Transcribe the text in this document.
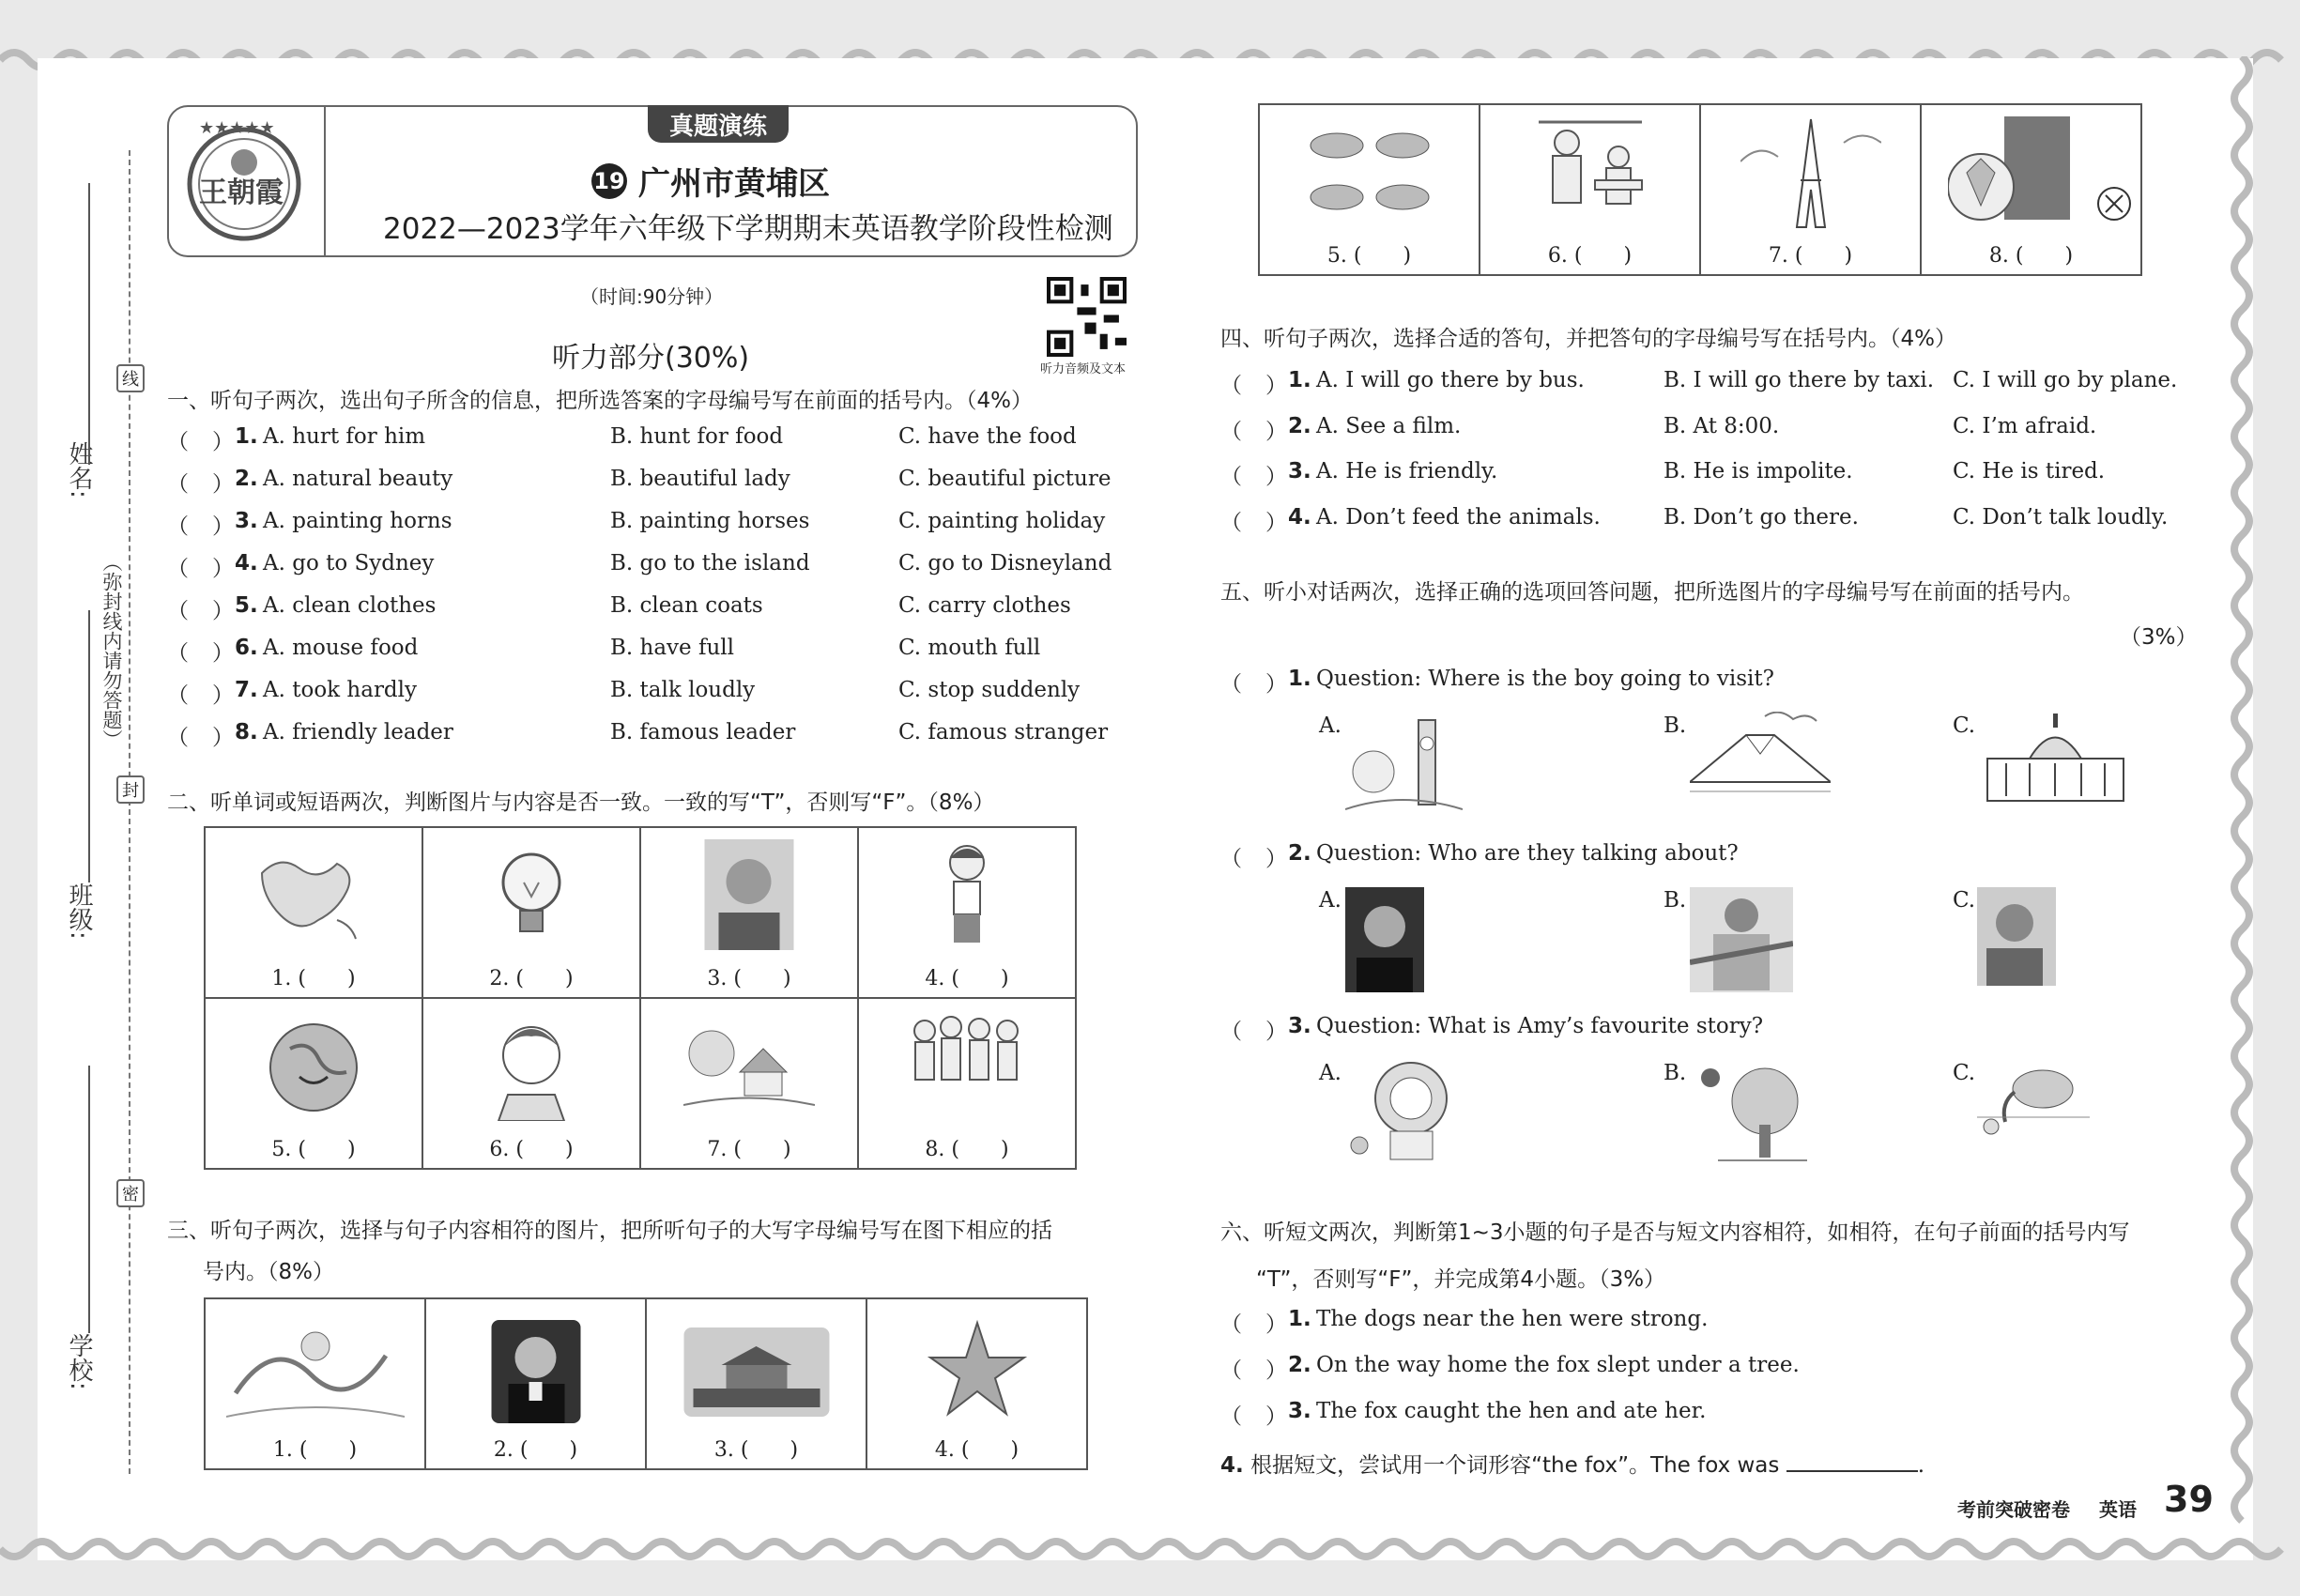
姓名:
班级:
学校:
（弥封线内请勿答题）
线
封
密
★★★★★
王朝霞
真题演练
19 广州市黄埔区
2022—2023学年六年级下学期期末英语教学阶段性检测
（时间:90分钟）
听力音频及文本
听力部分(30%)
一、听句子两次，选出句子所含的信息，把所选答案的字母编号写在前面的括号内。（4%）
（ ） 1. A. hurt for him	B. hunt for food	C. have the food
（ ） 2. A. natural beauty	B. beautiful lady	C. beautiful picture
（ ） 3. A. painting horns	B. painting horses	C. painting holiday
（ ） 4. A. go to Sydney	B. go to the island	C. go to Disneyland
（ ） 5. A. clean clothes	B. clean coats	C. carry clothes
（ ） 6. A. mouse food	B. have full	C. mouth full
（ ） 7. A. took hardly	B. talk loudly	C. stop suddenly
（ ） 8. A. friendly leader	B. famous leader	C. famous stranger
二、听单词或短语两次，判断图片与内容是否一致。一致的写“T”，否则写“F”。（8%）
1. (　　)	2. (　　)	3. (　　)	4. (　　)

5. (　　)	6. (　　)	7. (　　)	8. (　　)
三、听句子两次，选择与句子内容相符的图片，把所听句子的大写字母编号写在图下相应的括
号内。（8%）
1. (　　)	2. (　　)	3. (　　)	4. (　　)
5. (　　)	6. (　　)	7. (　　)	8. (　　)
四、听句子两次，选择合适的答句，并把答句的字母编号写在括号内。（4%）
（ ） 1. A. I will go there by bus.	B. I will go there by taxi. C. I will go by plane.
（ ） 2. A. See a film.	B. At 8:00.	C. I’m afraid.
（ ） 3. A. He is friendly.	B. He is impolite.	C. He is tired.
（ ） 4. A. Don’t feed the animals.	B. Don’t go there.	C. Don’t talk loudly.
五、听小对话两次，选择正确的选项回答问题，把所选图片的字母编号写在前面的括号内。
（3%）
（ ） 1. Question: Where is the boy going to visit?
A.	B.	C.
（ ） 2. Question: Who are they talking about?
A.	B.	C.
（ ） 3. Question: What is Amy’s favourite story?
A.	B.	C.
六、听短文两次，判断第1~3小题的句子是否与短文内容相符，如相符，在句子前面的括号内写
“T”，否则写“F”，并完成第4小题。（3%）
（ ） 1. The dogs near the hen were strong.
（ ） 2. On the way home the fox slept under a tree.
（ ） 3. The fox caught the hen and ate her.
4. 根据短文，尝试用一个词形容“the fox”。The fox was	.
考前突破密卷 英语 39
